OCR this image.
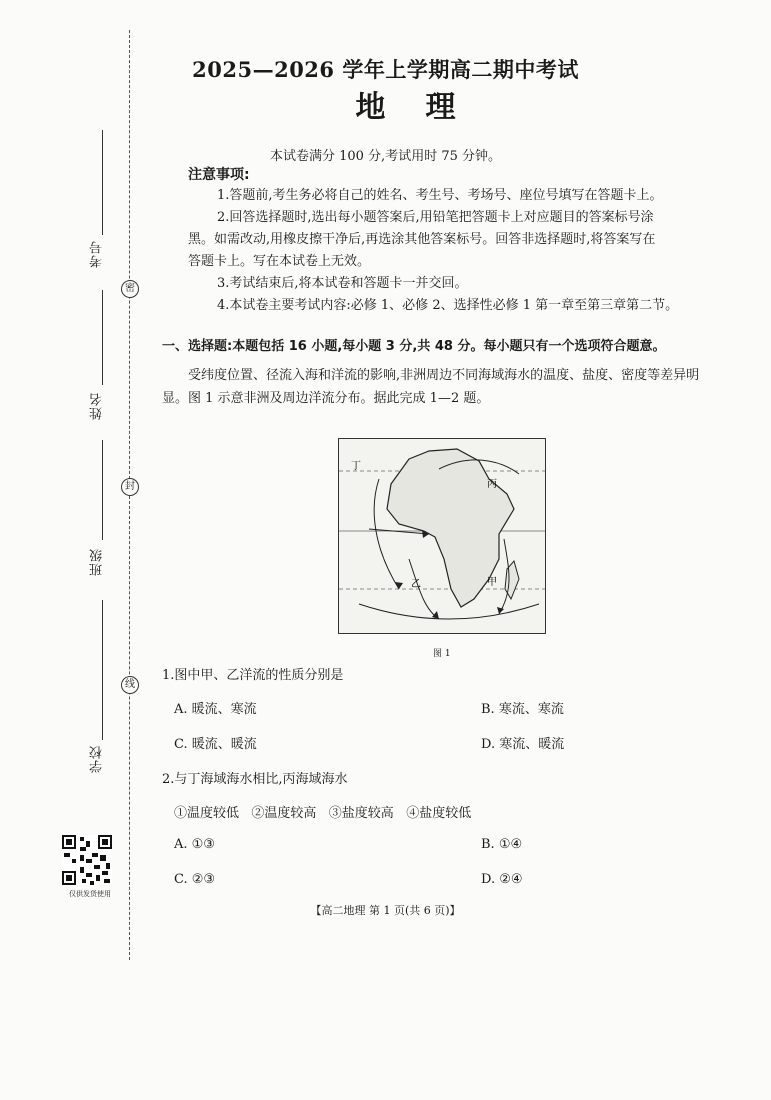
密
封
线
考号
姓名
班级
学校
仅供发货使用
2025—2026 学年上学期高二期中考试
地理
本试卷满分 100 分,考试用时 75 分钟。
注意事项:
1.答题前,考生务必将自己的姓名、考生号、考场号、座位号填写在答题卡上。
2.回答选择题时,选出每小题答案后,用铅笔把答题卡上对应题目的答案标号涂
黑。如需改动,用橡皮擦干净后,再选涂其他答案标号。回答非选择题时,将答案写在
答题卡上。写在本试卷上无效。
3.考试结束后,将本试卷和答题卡一并交回。
4.本试卷主要考试内容:必修 1、必修 2、选择性必修 1 第一章至第三章第二节。
一、选择题:本题包括 16 小题,每小题 3 分,共 48 分。每小题只有一个选项符合题意。
受纬度位置、径流入海和洋流的影响,非洲周边不同海域海水的温度、盐度、密度等差异明
显。图 1 示意非洲及周边洋流分布。据此完成 1—2 题。
丁
丙
乙	甲
图 1
1.图中甲、乙洋流的性质分别是
A. 暖流、寒流	B. 寒流、寒流
C. 暖流、暖流	D. 寒流、暖流
2.与丁海域海水相比,丙海域海水
①温度较低   ②温度较高   ③盐度较高   ④盐度较低
A. ①③	B. ①④
C. ②③	D. ②④
【高二地理 第 1 页(共 6 页)】
